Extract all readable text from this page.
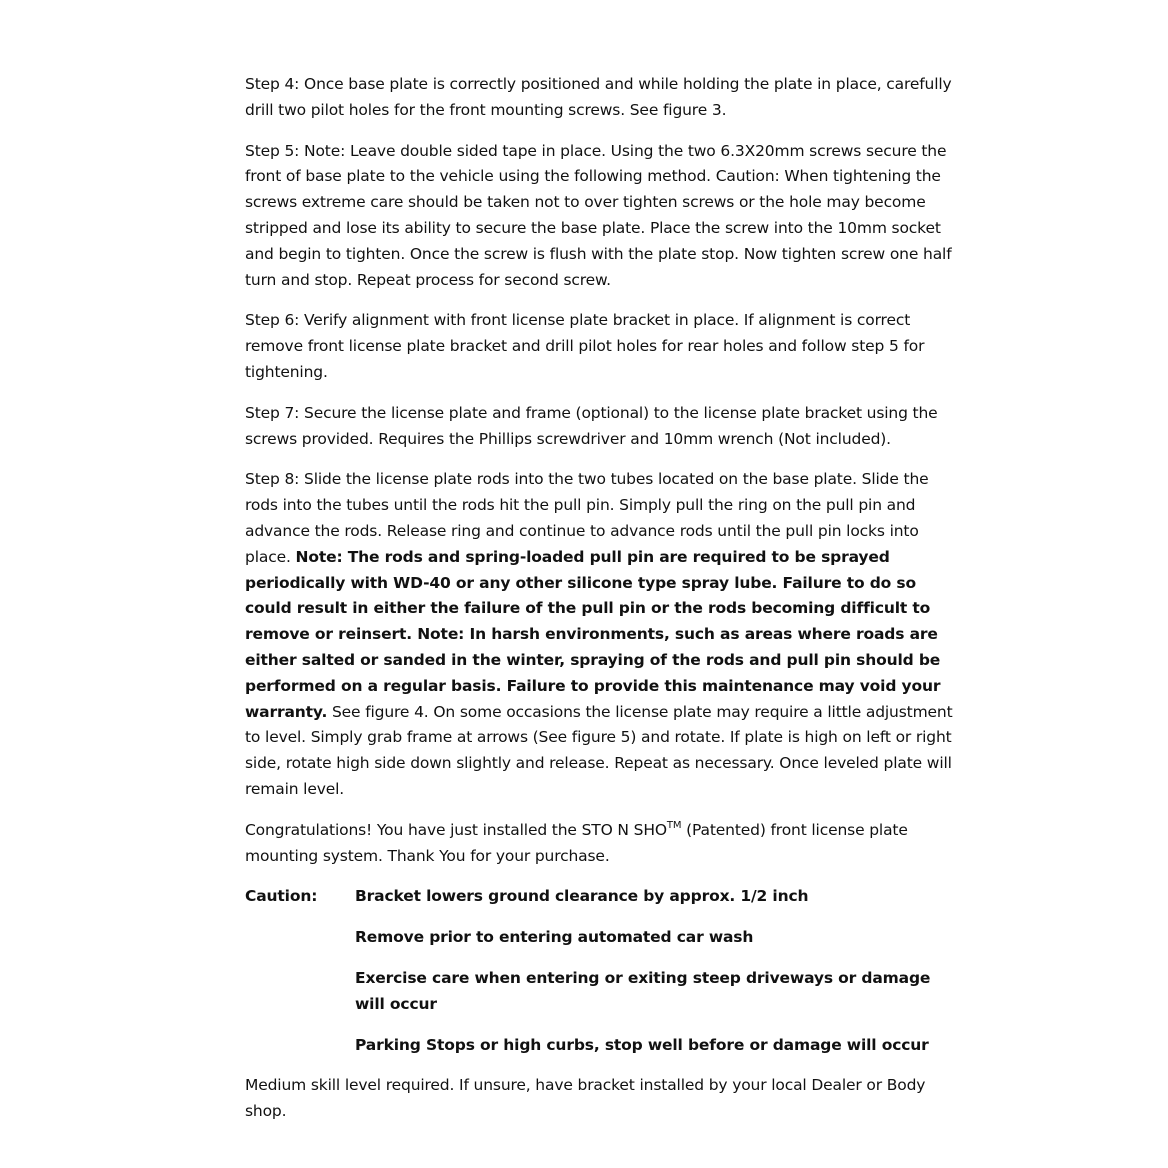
Step 4: Once base plate is correctly positioned and while holding the plate in place, carefully drill two pilot holes for the front mounting screws. See figure 3.

Step 5: Note: Leave double sided tape in place. Using the two 6.3X20mm screws secure the front of base plate to the vehicle using the following method. Caution: When tightening the screws extreme care should be taken not to over tighten screws or the hole may become stripped and lose its ability to secure the base plate. Place the screw into the 10mm socket and begin to tighten. Once the screw is flush with the plate stop. Now tighten screw one half turn and stop. Repeat process for second screw.

Step 6: Verify alignment with front license plate bracket in place. If alignment is correct remove front license plate bracket and drill pilot holes for rear holes and follow step 5 for tightening.

Step 7: Secure the license plate and frame (optional) to the license plate bracket using the screws provided. Requires the Phillips screwdriver and 10mm wrench (Not included).

Step 8: Slide the license plate rods into the two tubes located on the base plate. Slide the rods into the tubes until the rods hit the pull pin. Simply pull the ring on the pull pin and advance the rods. Release ring and continue to advance rods until the pull pin locks into place. Note: The rods and spring-loaded pull pin are required to be sprayed periodically with WD-40 or any other silicone type spray lube. Failure to do so could result in either the failure of the pull pin or the rods becoming difficult to remove or reinsert. Note: In harsh environments, such as areas where roads are either salted or sanded in the winter, spraying of the rods and pull pin should be performed on a regular basis. Failure to provide this maintenance may void your warranty. See figure 4. On some occasions the license plate may require a little adjustment to level. Simply grab frame at arrows (See figure 5) and rotate. If plate is high on left or right side, rotate high side down slightly and release. Repeat as necessary. Once leveled plate will remain level.

Congratulations! You have just installed the STO N SHO™ (Patented) front license plate mounting system. Thank You for your purchase.

Caution:	Bracket lowers ground clearance by approx. 1/2 inch
Remove prior to entering automated car wash
Exercise care when entering or exiting steep driveways or damage will occur
Parking Stops or high curbs, stop well before or damage will occur

Medium skill level required. If unsure, have bracket installed by your local Dealer or Body shop.
